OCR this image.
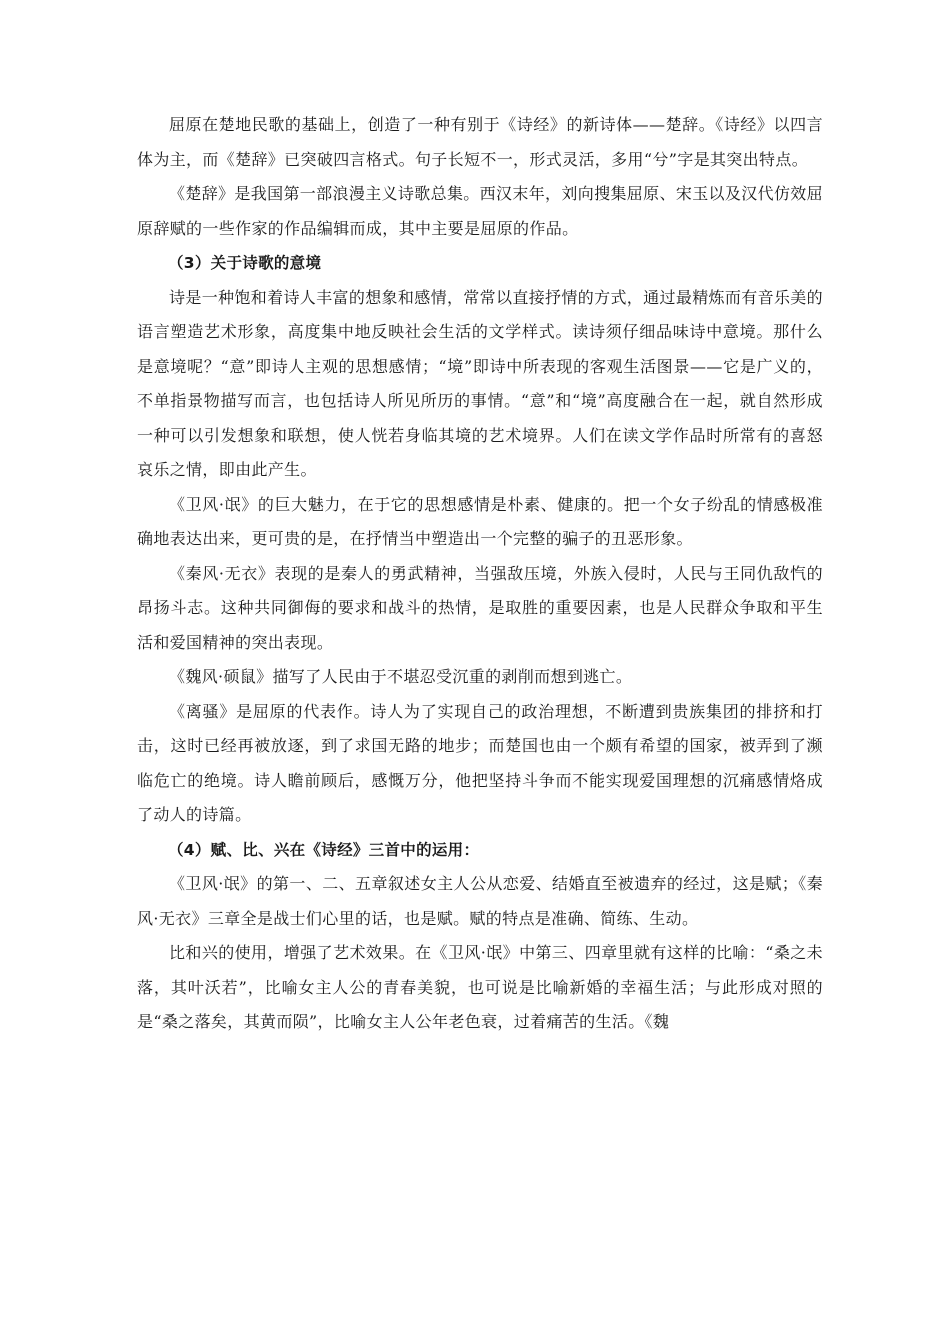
屈原在楚地民歌的基础上，创造了一种有别于《诗经》的新诗体——楚辞。《诗经》以四言体为主，而《楚辞》已突破四言格式。句子长短不一，形式灵活，多用“兮”字是其突出特点。

《楚辞》是我国第一部浪漫主义诗歌总集。西汉末年，刘向搜集屈原、宋玉以及汉代仿效屈原辞赋的一些作家的作品编辑而成，其中主要是屈原的作品。

（3）关于诗歌的意境

诗是一种饱和着诗人丰富的想象和感情，常常以直接抒情的方式，通过最精炼而有音乐美的语言塑造艺术形象，高度集中地反映社会生活的文学样式。读诗须仔细品味诗中意境。那什么是意境呢？“意”即诗人主观的思想感情；“境”即诗中所表现的客观生活图景——它是广义的，不单指景物描写而言，也包括诗人所见所历的事情。“意”和“境”高度融合在一起，就自然形成一种可以引发想象和联想，使人恍若身临其境的艺术境界。人们在读文学作品时所常有的喜怒哀乐之情，即由此产生。

《卫风·氓》的巨大魅力，在于它的思想感情是朴素、健康的。把一个女子纷乱的情感极准确地表达出来，更可贵的是，在抒情当中塑造出一个完整的骗子的丑恶形象。

《秦风·无衣》表现的是秦人的勇武精神，当强敌压境，外族入侵时，人民与王同仇敌忾的昂扬斗志。这种共同御侮的要求和战斗的热情，是取胜的重要因素，也是人民群众争取和平生活和爱国精神的突出表现。

《魏风·硕鼠》描写了人民由于不堪忍受沉重的剥削而想到逃亡。

《离骚》是屈原的代表作。诗人为了实现自己的政治理想，不断遭到贵族集团的排挤和打击，这时已经再被放逐，到了求国无路的地步；而楚国也由一个颇有希望的国家，被弄到了濒临危亡的绝境。诗人瞻前顾后，感慨万分，他把坚持斗争而不能实现爱国理想的沉痛感情烙成了动人的诗篇。

（4）赋、比、兴在《诗经》三首中的运用：

《卫风·氓》的第一、二、五章叙述女主人公从恋爱、结婚直至被遗弃的经过，这是赋；《秦风·无衣》三章全是战士们心里的话，也是赋。赋的特点是准确、简练、生动。

比和兴的使用，增强了艺术效果。在《卫风·氓》中第三、四章里就有这样的比喻：“桑之未落，其叶沃若”，比喻女主人公的青春美貌，也可说是比喻新婚的幸福生活；与此形成对照的是“桑之落矣，其黄而陨”，比喻女主人公年老色衰，过着痛苦的生活。《魏
